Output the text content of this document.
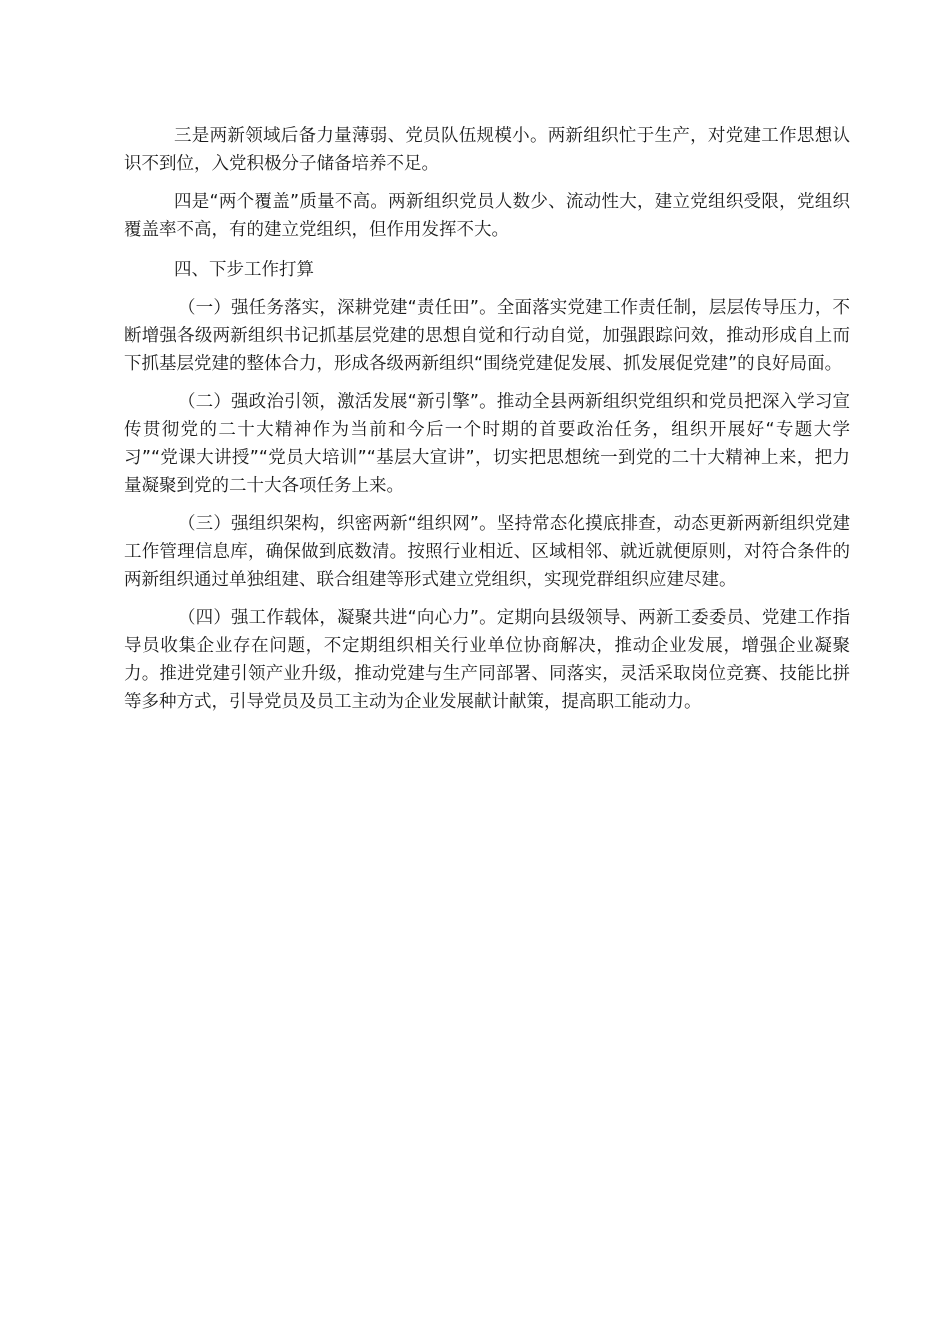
三是两新领域后备力量薄弱、党员队伍规模小。两新组织忙于生产，对党建工作思想认识不到位，入党积极分子储备培养不足。

四是“两个覆盖”质量不高。两新组织党员人数少、流动性大，建立党组织受限，党组织覆盖率不高，有的建立党组织，但作用发挥不大。

四、下步工作打算

（一）强任务落实，深耕党建“责任田”。全面落实党建工作责任制，层层传导压力，不断增强各级两新组织书记抓基层党建的思想自觉和行动自觉，加强跟踪问效，推动形成自上而下抓基层党建的整体合力，形成各级两新组织“围绕党建促发展、抓发展促党建”的良好局面。

（二）强政治引领，激活发展“新引擎”。推动全县两新组织党组织和党员把深入学习宣传贯彻党的二十大精神作为当前和今后一个时期的首要政治任务，组织开展好“专题大学习”“党课大讲授”“党员大培训”“基层大宣讲”，切实把思想统一到党的二十大精神上来，把力量凝聚到党的二十大各项任务上来。

（三）强组织架构，织密两新“组织网”。坚持常态化摸底排查，动态更新两新组织党建工作管理信息库，确保做到底数清。按照行业相近、区域相邻、就近就便原则，对符合条件的两新组织通过单独组建、联合组建等形式建立党组织，实现党群组织应建尽建。

（四）强工作载体，凝聚共进“向心力”。定期向县级领导、两新工委委员、党建工作指导员收集企业存在问题，不定期组织相关行业单位协商解决，推动企业发展，增强企业凝聚力。推进党建引领产业升级，推动党建与生产同部署、同落实，灵活采取岗位竞赛、技能比拼等多种方式，引导党员及员工主动为企业发展献计献策，提高职工能动力。
